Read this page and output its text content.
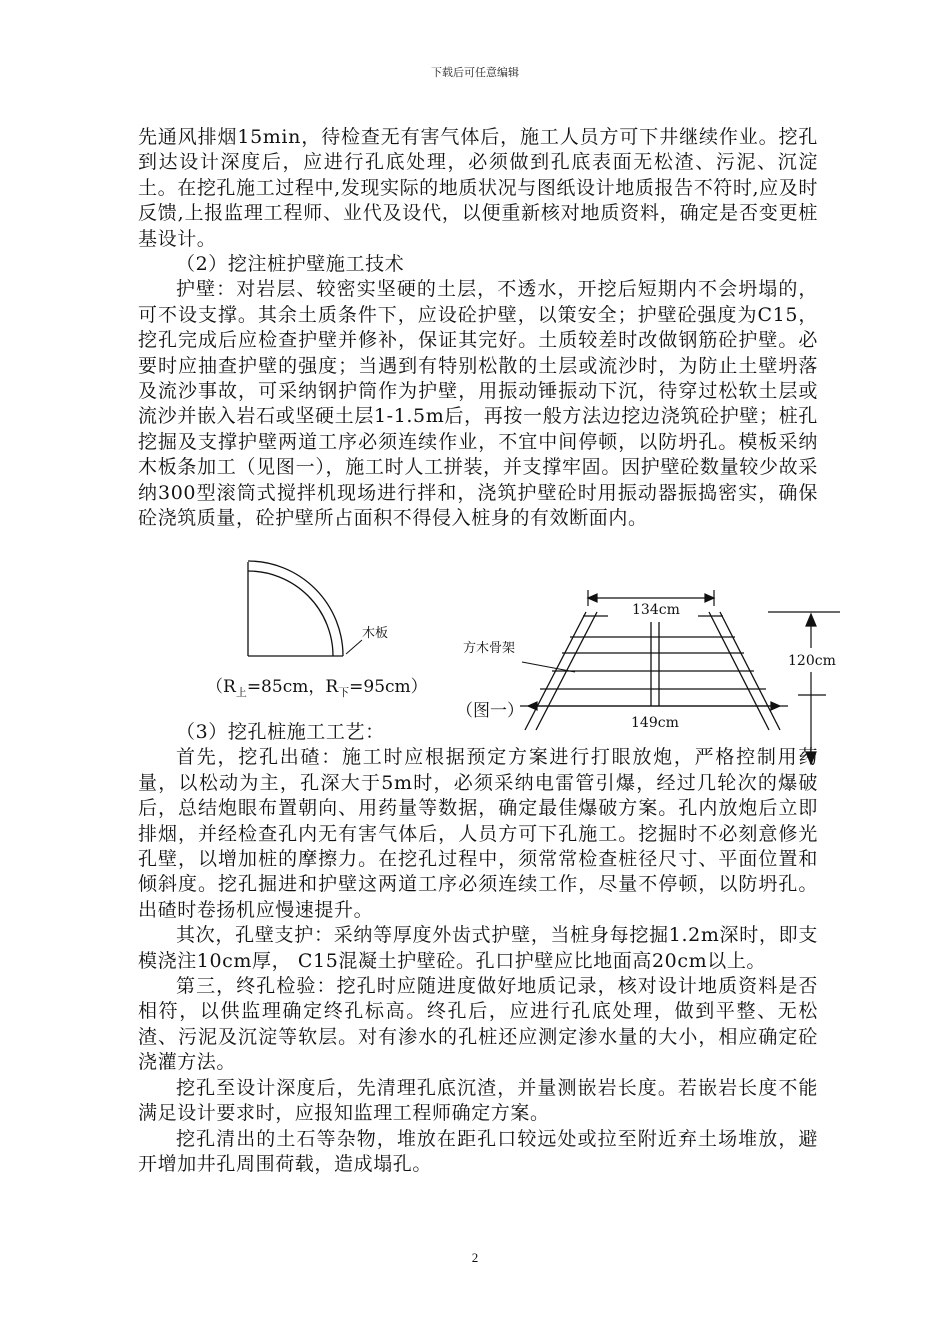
下载后可任意编辑

先通风排烟15min，待检查无有害气体后，施工人员方可下井继续作业。挖孔到达设计深度后，应进行孔底处理，必须做到孔底表面无松渣、污泥、沉淀土。在挖孔施工过程中,发现实际的地质状况与图纸设计地质报告不符时,应及时反馈,上报监理工程师、业代及设代，以便重新核对地质资料，确定是否变更桩基设计。

（2）挖注桩护壁施工技术

护壁：对岩层、较密实坚硬的土层，不透水，开挖后短期内不会坍塌的，可不设支撑。其余土质条件下，应设砼护壁，以策安全；护壁砼强度为C15，挖孔完成后应检查护壁并修补，保证其完好。土质较差时改做钢筋砼护壁。必要时应抽查护壁的强度；当遇到有特别松散的土层或流沙时，为防止土壁坍落及流沙事故，可采纳钢护筒作为护壁，用振动锤振动下沉，待穿过松软土层或流沙并嵌入岩石或坚硬土层1-1.5m后，再按一般方法边挖边浇筑砼护壁；桩孔挖掘及支撑护壁两道工序必须连续作业，不宜中间停顿，以防坍孔。模板采纳木板条加工（见图一），施工时人工拼装，并支撑牢固。因护壁砼数量较少故采纳300型滚筒式搅拌机现场进行拌和，浇筑护壁砼时用振动器振捣密实，确保砼浇筑质量，砼护壁所占面积不得侵入桩身的有效断面内。

木板
（$R_上=85cm$，$R_下=95cm$）
134cm
方木骨架
120cm
（图一）
149cm

（3）挖孔桩施工工艺：

首先，挖孔出碴：施工时应根据预定方案进行打眼放炮，严格控制用药量，以松动为主，孔深大于5m时，必须采纳电雷管引爆，经过几轮次的爆破后，总结炮眼布置朝向、用药量等数据，确定最佳爆破方案。孔内放炮后立即排烟，并经检查孔内无有害气体后，人员方可下孔施工。挖掘时不必刻意修光孔壁，以增加桩的摩擦力。在挖孔过程中，须常常检查桩径尺寸、平面位置和倾斜度。挖孔掘进和护壁这两道工序必须连续工作，尽量不停顿，以防坍孔。出碴时卷扬机应慢速提升。

其次，孔壁支护：采纳等厚度外齿式护壁，当桩身每挖掘1.2m深时，即支模浇注10cm厚， C15混凝土护壁砼。孔口护壁应比地面高20cm以上。

第三，终孔检验：挖孔时应随进度做好地质记录，核对设计地质资料是否相符，以供监理确定终孔标高。终孔后，应进行孔底处理，做到平整、无松渣、污泥及沉淀等软层。对有渗水的孔桩还应测定渗水量的大小，相应确定砼浇灌方法。

挖孔至设计深度后，先清理孔底沉渣，并量测嵌岩长度。若嵌岩长度不能满足设计要求时，应报知监理工程师确定方案。

挖孔清出的土石等杂物，堆放在距孔口较远处或拉至附近弃土场堆放，避开增加井孔周围荷载，造成塌孔。

2
